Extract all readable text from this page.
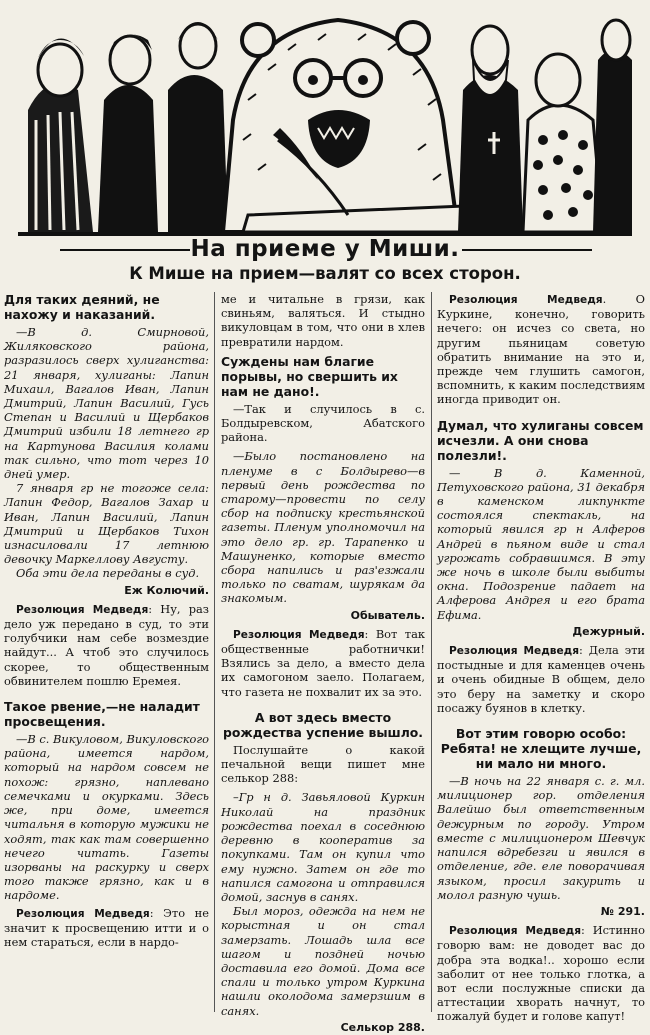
На приеме у Миши.
К Мише на прием—валят со всех сторон.
Для таких деяний, не нахожу и наказаний.

—В д. Смирновой, Жиляковского района, разразилось сверх хулиганства: 21 января, хулиганы: Лапин Михаил, Вагалов Иван, Лапин Дмитрий, Лапин Василий, Гусь Степан и Василий и Щербаков Дмитрий избили 18 летнего гр на Картунова Василия колами так сильно, что тот через 10 дней умер.

7 января гр не тогоже села: Лапин Федор, Вагалов Захар и Иван, Лапин Василий, Лапин Дмитрий и Щербаков Тихон изнасиловали 17 летнюю девочку Маркеллову Августу.

Оба эти дела переданы в суд.

Еж Колючий.

Резолюция Медведя: Ну, раз дело уж передано в суд, то эти голубчики нам себе возмездие найдут... А чтоб это случилось скорее, то общественным обвинителем пошлю Еремея.

Такое рвение,—не наладит просвещения.

—В с. Викуловом, Викуловского района, имеется нардом, который на нардом совсем не похож: грязно, наплевано семечками и окурками. Здесь же, при доме, имеется читальня в которую мужики не ходят, так как там совершенно нечего читать. Газеты изорваны на раскурку и сверх того также грязно, как и в нардоме.

Резолюция Медведя: Это не значит к просвещению итти и о нем стараться, если в нардо-

ме и читальне в грязи, как свиньям, валяться. И стыдно викуловцам в том, что они в хлев превратили нардом.

Суждены нам благие порывы, но свершить их нам не дано!.

—Так и случилось в с. Болдыревском, Абатского района.

—Было постановлено на пленуме в с Болдырево—в первый день рождества по старому—провести по селу сбор на подписку крестьянской газеты. Пленум уполномочил на это дело гр. гр. Тарапенко и Машуненко, которые вместо сбора напились и раз'езжали только по сватам, шурякам да знакомым.

Обыватель.

Резолюция Медведя: Вот так общественные работнички! Взялись за дело, а вместо дела их самогоном заело. Полагаем, что газета не похвалит их за это.

А вот здесь вместо рождества успение вышло.

Послушайте о какой печальной вещи пишет мне селькор 288:

–Гр н д. Завьяловой Куркин Николай на праздник рождества поехал в соседнюю деревню в кооператив за покупками. Там он купил что ему нужно. Затем он где то напился самогона и отправился домой, заснув в санях.

Был мороз, одежда на нем не корыстная и он стал замерзать. Лошадь шла все шагом и поздней ночью доставила его домой. Дома все спали и только утром Куркина нашли околодома замерзшим в санях.

Селькор 288.

Резолюция Медведя. О Куркине, конечно, говорить нечего: он исчез со света, но другим пьяницам советую обратить внимание на это и, прежде чем глушить самогон, вспомнить, к каким последствиям иногда приводит он.

Думал, что хулиганы совсем исчезли. А они снова полезли!.

— В д. Каменной, Петуховского района, 31 декабря в каменском ликпункте состоялся спектакль, на который явился гр н Алферов Андрей в пьяном виде и стал угрожать собравшимся. В эту же ночь в школе были выбиты окна. Подозрение падает на Алферова Андрея и его брата Ефима.

Дежурный.

Резолюция Медведя: Дела эти постыдные и для каменцев очень и очень обидные В общем, дело это беру на заметку и скоро посажу буянов в клетку.

Вот этим говорю особо: Ребята! не хлещите лучше, ни мало ни много.

—В ночь на 22 января с. г. мл. милиционер гор. отделения Валейшо был ответственным дежурным по городу. Утром вместе с милиционером Шевчук напился вдребезги и явился в отделение, где. еле поворачивая языком, просил закурить и молол разную чушь.

№ 291.

Резолюция Медведя: Истинно говорю вам: не доводет вас до добра эта водка!.. хорошо если заболит от нее только глотка, а вот если послужные списки да аттестации хворать начнут, то пожалуй будет и голове капут!
